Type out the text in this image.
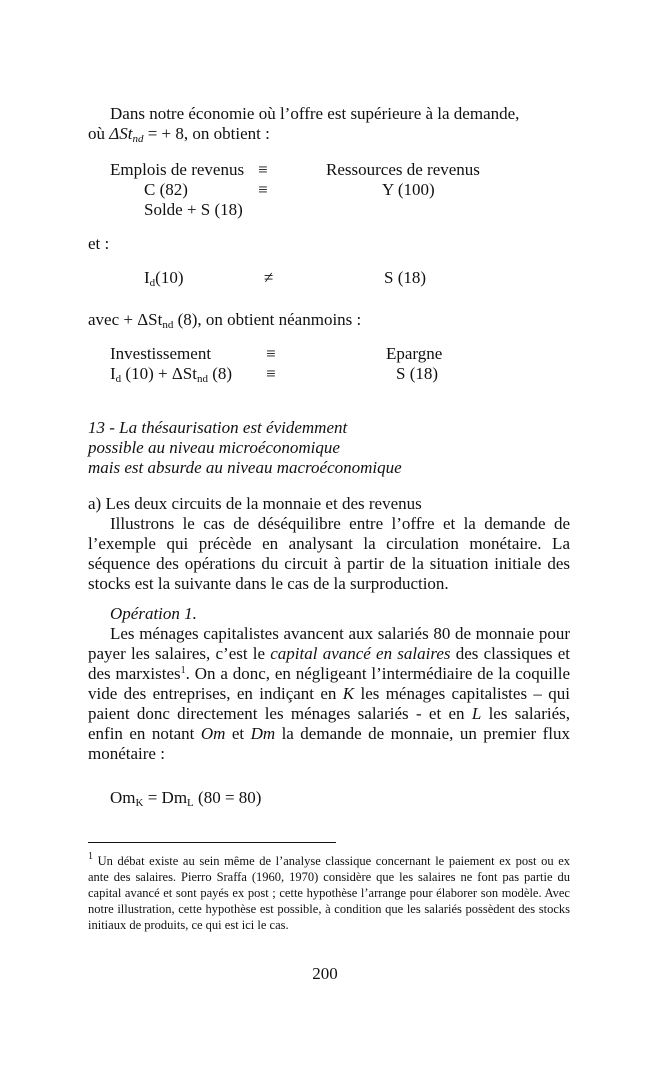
Dans notre économie où l’offre est supérieure à la demande,
où ΔSt$_{nd}$ = + 8, on obtient :
Emplois de revenus ≡	Ressources de revenus
C (82)	≡	Y (100)
Solde + S (18)
et :
$I_d(10)$	≠	S (18)
avec + ΔSt$_{nd}$ (8), on obtient néanmoins :
Investissement	≡	Epargne
$I_d$ (10) + ΔSt$_{nd}$ (8) ≡	S (18)
13 - La thésaurisation est évidemment
possible au niveau microéconomique
mais est absurde au niveau macroéconomique
a) Les deux circuits de la monnaie et des revenus

Illustrons le cas de déséquilibre entre l’offre et la demande de l’exemple qui précède en analysant la circulation monétaire. La séquence des opérations du circuit à partir de la situation initiale des stocks est la suivante dans le cas de la surproduction.

Opération 1.

Les ménages capitalistes avancent aux salariés 80 de monnaie pour payer les salaires, c’est le capital avancé en salaires des classiques et des marxistes$^1$. On a donc, en négligeant l’intermédiaire de la coquille vide des entreprises, en indiçant en K les ménages capitalistes – qui paient donc directement les ménages salariés - et en L les salariés, enfin en notant Om et Dm la demande de monnaie, un premier flux monétaire :

$Om_K = Dm_L$ (80 = 80)

$^1$ Un débat existe au sein même de l’analyse classique concernant le paiement ex post ou ex ante des salaires. Pierro Sraffa (1960, 1970) considère que les salaires ne font pas partie du capital avancé et sont payés ex post ; cette hypothèse l’arrange pour élaborer son modèle. Avec notre illustration, cette hypothèse est possible, à condition que les salariés possèdent des stocks initiaux de produits, ce qui est ici le cas.

200
